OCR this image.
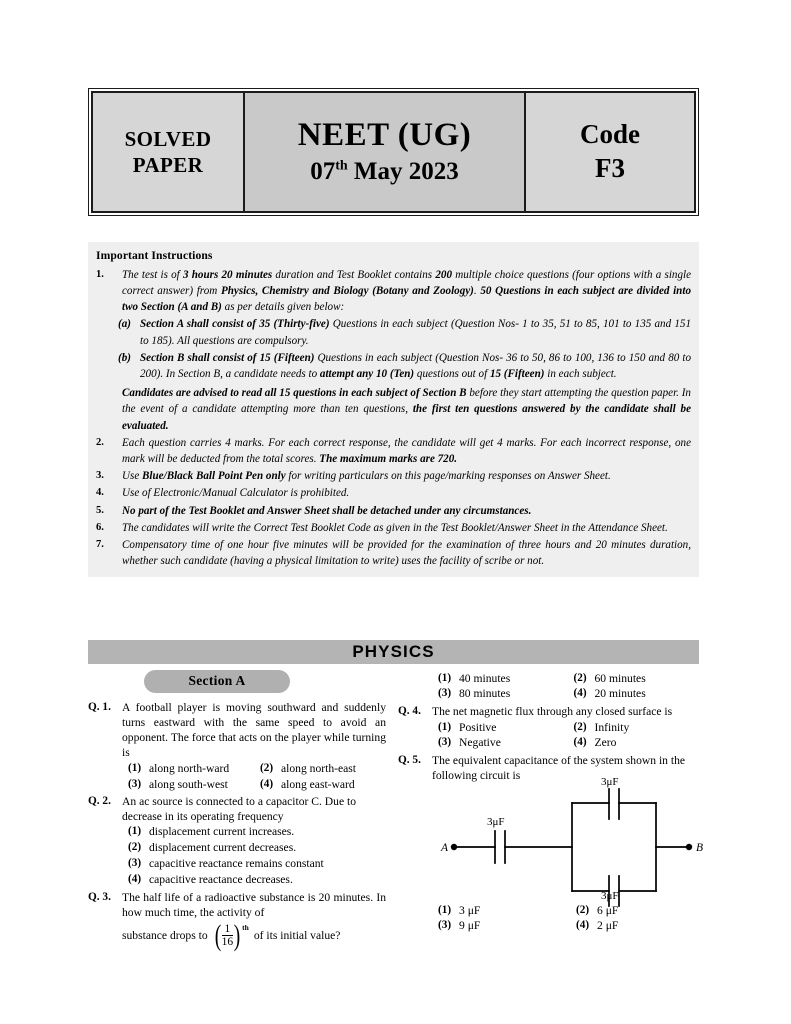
SOLVED
PAPER
NEET (UG)
07th May 2023
Code
F3
Important Instructions
1.	The test is of 3 hours 20 minutes duration and Test Booklet contains 200 multiple choice questions (four options with a single correct answer) from Physics, Chemistry and Biology (Botany and Zoology). 50 Questions in each subject are divided into two Section (A and B) as per details given below:
(a) Section A shall consist of 35 (Thirty-five) Questions in each subject (Question Nos- 1 to 35, 51 to 85, 101 to 135 and 151 to 185). All questions are compulsory.
(b) Section B shall consist of 15 (Fifteen) Questions in each subject (Question Nos- 36 to 50, 86 to 100, 136 to 150 and 80 to 200). In Section B, a candidate needs to attempt any 10 (Ten) questions out of 15 (Fifteen) in each subject.
Candidates are advised to read all 15 questions in each subject of Section B before they start attempting the question paper. In the event of a candidate attempting more than ten questions, the first ten questions answered by the candidate shall be evaluated.
2.	Each question carries 4 marks. For each correct response, the candidate will get 4 marks. For each incorrect response, one mark will be deducted from the total scores. The maximum marks are 720.
3.	Use Blue/Black Ball Point Pen only for writing particulars on this page/marking responses on Answer Sheet.
4.	Use of Electronic/Manual Calculator is prohibited.
5.	No part of the Test Booklet and Answer Sheet shall be detached under any circumstances.
6.	The candidates will write the Correct Test Booklet Code as given in the Test Booklet/Answer Sheet in the Attendance Sheet.
7.	Compensatory time of one hour five minutes will be provided for the examination of three hours and 20 minutes duration, whether such candidate (having a physical limitation to write) uses the facility of scribe or not.
PHYSICS
Section A
Q. 1. A football player is moving southward and suddenly turns eastward with the same speed to avoid an opponent. The force that acts on the player while turning is
(1) along north-ward	(2) along north-east
(3) along south-west	(4) along east-ward
Q. 2. An ac source is connected to a capacitor C. Due to decrease in its operating frequency
(1) displacement current increases.
(2) displacement current decreases.
(3) capacitive reactance remains constant
(4) capacitive reactance decreases.
Q. 3. The half life of a radioactive substance is 20 minutes. In how much time, the activity of
substance drops to ( $\frac{1}{16}$ ) th
of its initial value?
(1) 40 minutes	(2) 60 minutes
(3) 80 minutes	(4) 20 minutes
Q. 4. The net magnetic flux through any closed surface is
(1) Positive	(2) Infinity
(3) Negative	(4) Zero
Q. 5. The equivalent capacitance of the system shown in the following circuit is
A	B
3μF
3μF
3μF
(1) 3 μF	(2) 6 μF
(3) 9 μF	(4) 2 μF
